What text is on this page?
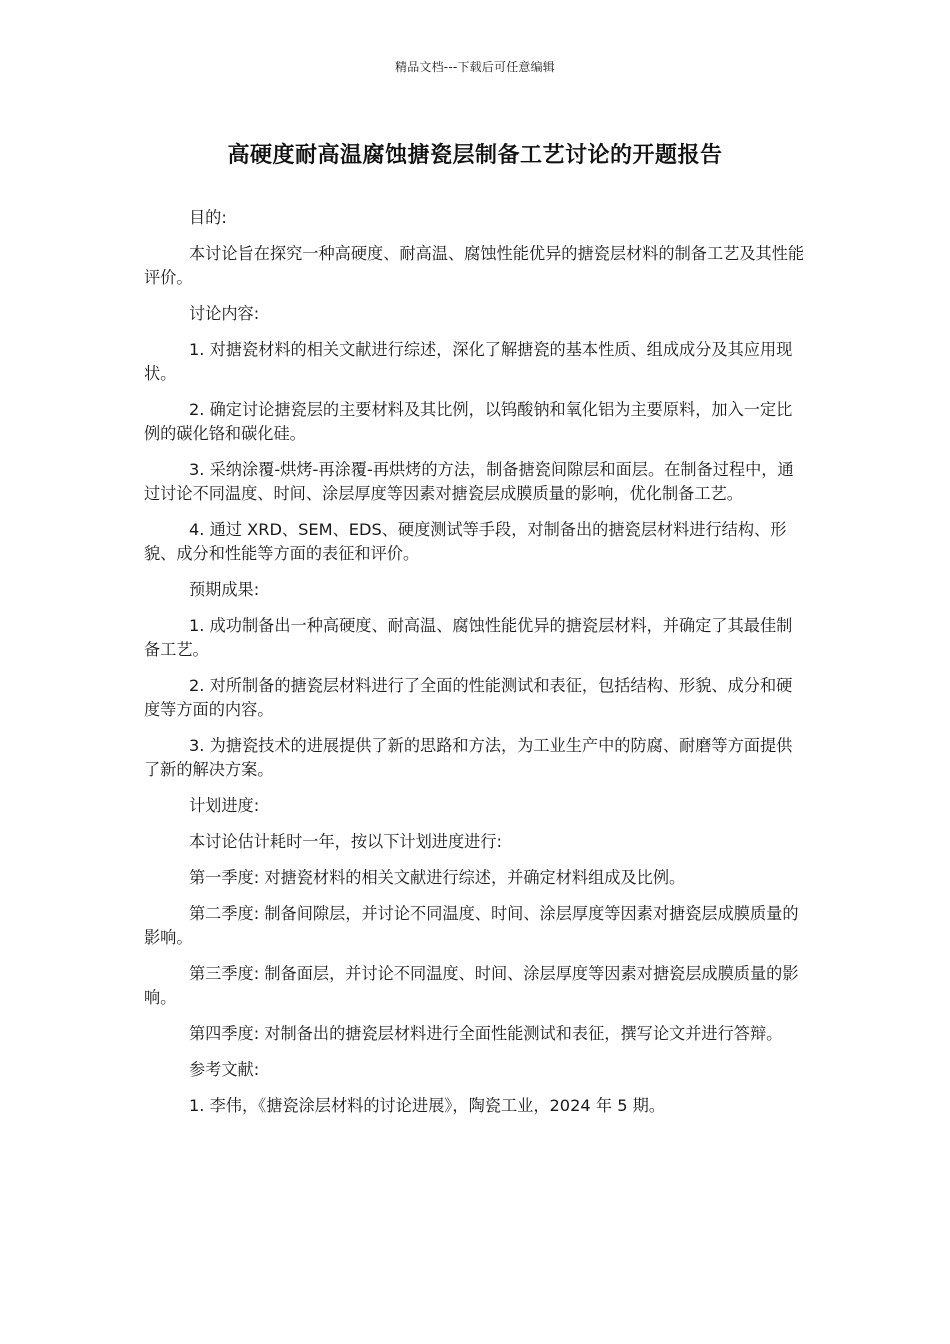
精品文档---下载后可任意编辑
高硬度耐高温腐蚀搪瓷层制备工艺讨论的开题报告

目的:

本讨论旨在探究一种高硬度、耐高温、腐蚀性能优异的搪瓷层材料的制备工艺及其性能评价。

讨论内容:

1. 对搪瓷材料的相关文献进行综述，深化了解搪瓷的基本性质、组成成分及其应用现状。

2. 确定讨论搪瓷层的主要材料及其比例，以钨酸钠和氧化铝为主要原料，加入一定比例的碳化铬和碳化硅。

3. 采纳涂覆-烘烤-再涂覆-再烘烤的方法，制备搪瓷间隙层和面层。在制备过程中，通过讨论不同温度、时间、涂层厚度等因素对搪瓷层成膜质量的影响，优化制备工艺。

4. 通过 XRD、SEM、EDS、硬度测试等手段，对制备出的搪瓷层材料进行结构、形貌、成分和性能等方面的表征和评价。

预期成果:

1. 成功制备出一种高硬度、耐高温、腐蚀性能优异的搪瓷层材料，并确定了其最佳制备工艺。

2. 对所制备的搪瓷层材料进行了全面的性能测试和表征，包括结构、形貌、成分和硬度等方面的内容。

3. 为搪瓷技术的进展提供了新的思路和方法，为工业生产中的防腐、耐磨等方面提供了新的解决方案。

计划进度:

本讨论估计耗时一年，按以下计划进度进行:

第一季度: 对搪瓷材料的相关文献进行综述，并确定材料组成及比例。

第二季度: 制备间隙层，并讨论不同温度、时间、涂层厚度等因素对搪瓷层成膜质量的影响。

第三季度: 制备面层，并讨论不同温度、时间、涂层厚度等因素对搪瓷层成膜质量的影响。

第四季度: 对制备出的搪瓷层材料进行全面性能测试和表征，撰写论文并进行答辩。

参考文献:

1. 李伟，《搪瓷涂层材料的讨论进展》，陶瓷工业，2024 年 5 期。
